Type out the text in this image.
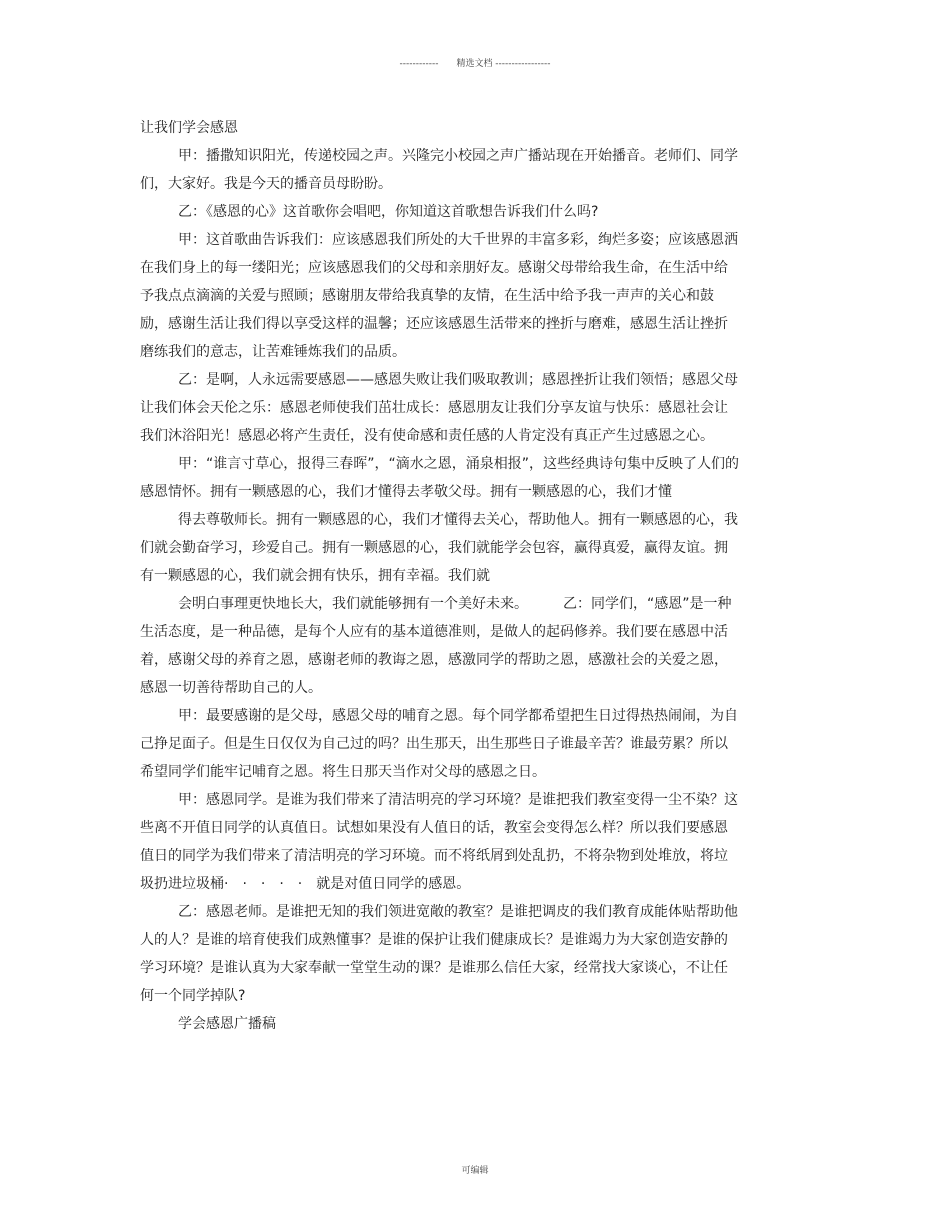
------------　　精选文档 -----------------

让我们学会感恩

甲：播撒知识阳光，传递校园之声。兴隆完小校园之声广播站现在开始播音。老师们、同学们，大家好。我是今天的播音员母盼盼。

乙：《感恩的心》这首歌你会唱吧，你知道这首歌想告诉我们什么吗?

甲：这首歌曲告诉我们：应该感恩我们所处的大千世界的丰富多彩，绚烂多姿；应该感恩洒在我们身上的每一缕阳光；应该感恩我们的父母和亲朋好友。感谢父母带给我生命，在生活中给予我点点滴滴的关爱与照顾；感谢朋友带给我真挚的友情，在生活中给予我一声声的关心和鼓励，感谢生活让我们得以享受这样的温馨；还应该感恩生活带来的挫折与磨难，感恩生活让挫折磨练我们的意志，让苦难锤炼我们的品质。

乙：是啊，人永远需要感恩——感恩失败让我们吸取教训；感恩挫折让我们领悟；感恩父母让我们体会天伦之乐：感恩老师使我们茁壮成长：感恩朋友让我们分享友谊与快乐：感恩社会让我们沐浴阳光！感恩必将产生责任，没有使命感和责任感的人肯定没有真正产生过感恩之心。

甲：“谁言寸草心，报得三春晖”，“滴水之恩，涌泉相报”，这些经典诗句集中反映了人们的感恩情怀。拥有一颗感恩的心，我们才懂得去孝敬父母。拥有一颗感恩的心，我们才懂

得去尊敬师长。拥有一颗感恩的心，我们才懂得去关心，帮助他人。拥有一颗感恩的心，我们就会勤奋学习，珍爱自己。拥有一颗感恩的心，我们就能学会包容，赢得真爱，赢得友谊。拥有一颗感恩的心，我们就会拥有快乐，拥有幸福。我们就

会明白事理更快地长大，我们就能够拥有一个美好未来。　　　乙：同学们，“感恩”是一种生活态度，是一种品德，是每个人应有的基本道德准则，是做人的起码修养。我们要在感恩中活着，感谢父母的养育之恩，感谢老师的教诲之恩，感激同学的帮助之恩，感激社会的关爱之恩，感恩一切善待帮助自己的人。

甲：最要感谢的是父母，感恩父母的哺育之恩。每个同学都希望把生日过得热热闹闹，为自己挣足面子。但是生日仅仅为自己过的吗？出生那天，出生那些日子谁最辛苦？谁最劳累？所以希望同学们能牢记哺育之恩。将生日那天当作对父母的感恩之日。

甲：感恩同学。是谁为我们带来了清洁明亮的学习环境？是谁把我们教室变得一尘不染？这些离不开值日同学的认真值日。试想如果没有人值日的话，教室会变得怎么样？所以我们要感恩值日的同学为我们带来了清洁明亮的学习环境。而不将纸屑到处乱扔，不将杂物到处堆放，将垃圾扔进垃圾桶·　·　·　·　·　就是对值日同学的感恩。

乙：感恩老师。是谁把无知的我们领进宽敞的教室？是谁把调皮的我们教育成能体贴帮助他人的人？是谁的培育使我们成熟懂事？是谁的保护让我们健康成长？是谁竭力为大家创造安静的学习环境？是谁认真为大家奉献一堂堂生动的课？是谁那么信任大家，经常找大家谈心，不让任何一个同学掉队?

学会感恩广播稿

可编辑
